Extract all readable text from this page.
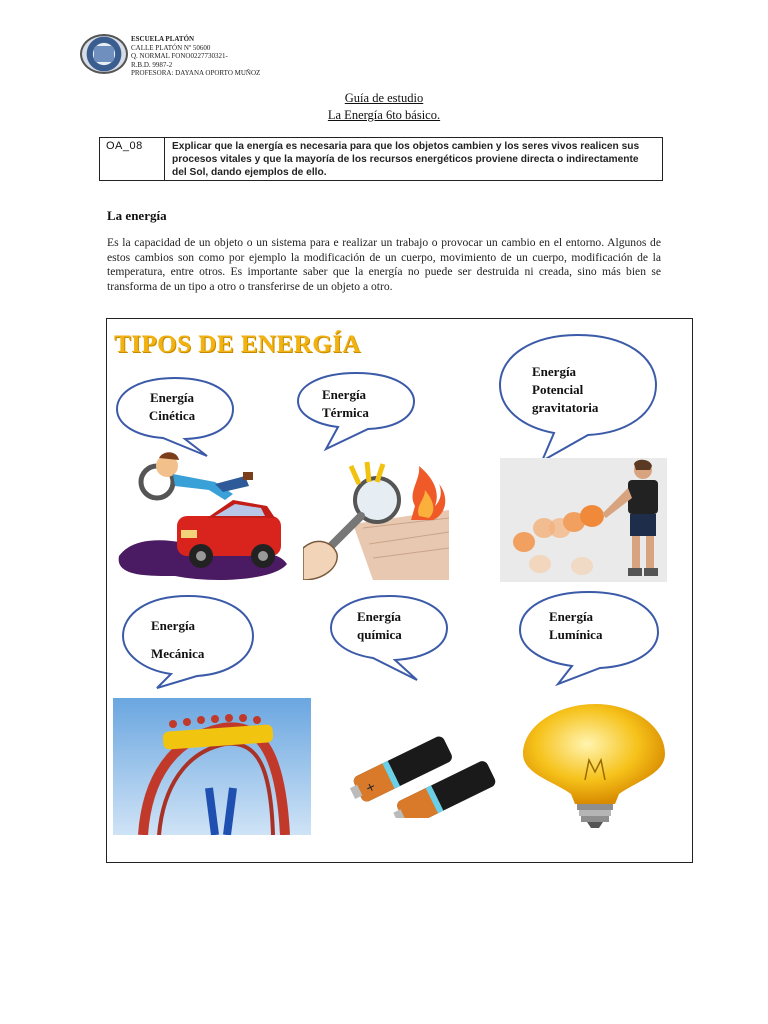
ESCUELA PLATÓN
CALLE PLATÓN Nº 50600
Q. NORMAL FONO0227730321-
R.B.D. 9987-2
PROFESORA: DAYANA OPORTO MUÑOZ
Guía de estudio
La Energía 6to básico.
OA_08	Explicar que la energía es necesaria para que los objetos cambien y los seres vivos realicen sus procesos vitales y que la mayoría de los recursos energéticos proviene directa o indirectamente del Sol, dando ejemplos de ello.
La energía
Es la capacidad de un objeto o un sistema para e realizar un trabajo o provocar un cambio en el entorno. Algunos de estos cambios son como por ejemplo la modificación de un cuerpo, movimiento de un cuerpo, modificación de la temperatura, entre otros. Es importante saber que la energía no puede ser destruida ni creada, sino más bien se transforma de un tipo a otro o transferirse de un objeto a otro.
TIPOS DE ENERGÍA
Energía
Cinética
Energía
Térmica
Energía
Potencial
gravitatoria
Energía
Mecánica
Energía
química
Energía
Lumínica
+
